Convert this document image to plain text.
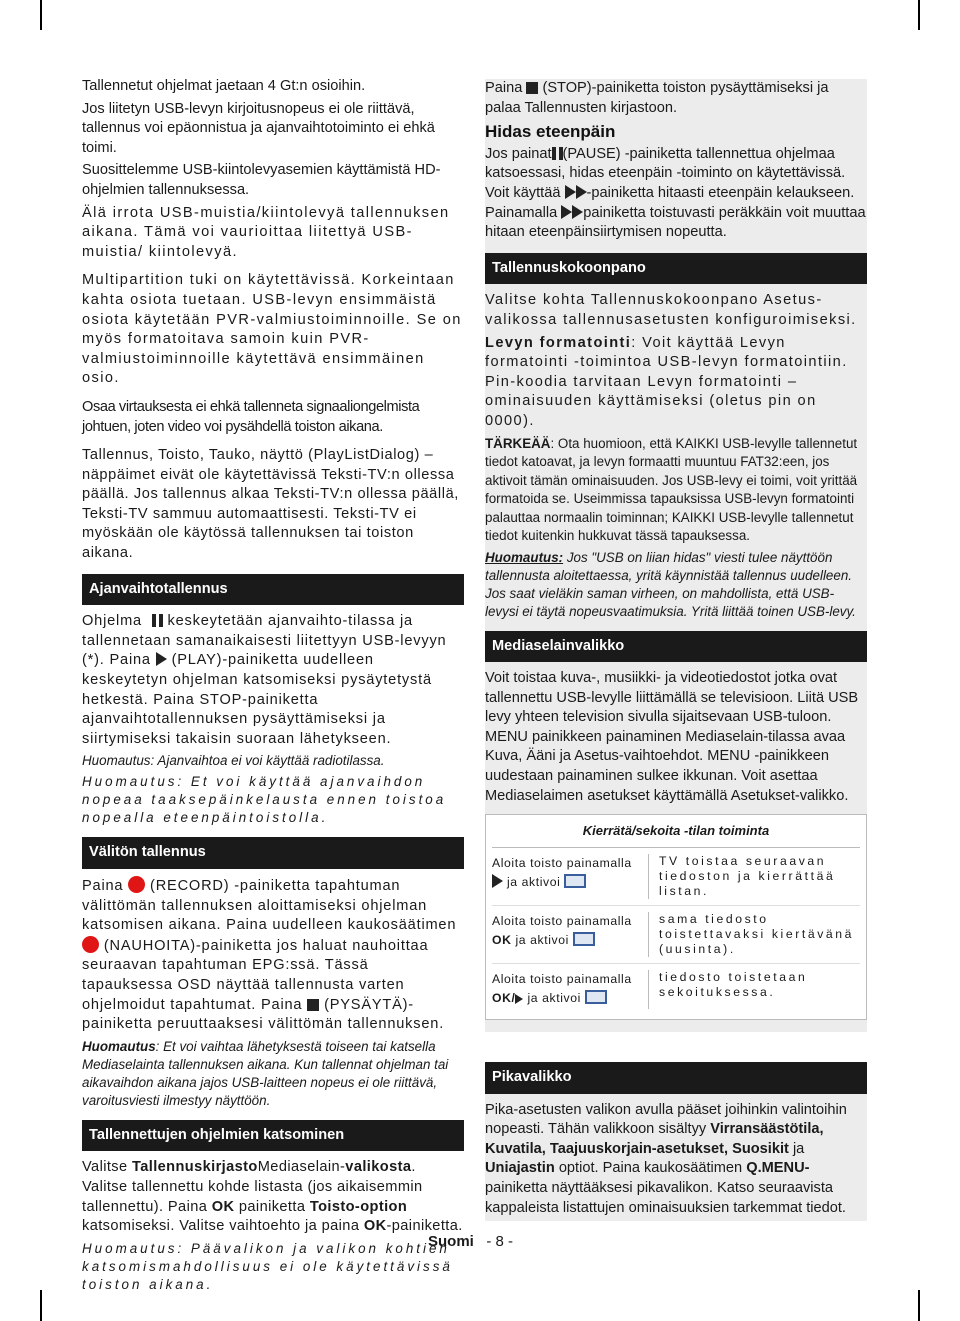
Tallennetut ohjelmat jaetaan 4 Gt:n osioihin.

Jos liitetyn USB-levyn kirjoitusnopeus ei ole riittävä, tallennus voi epäonnistua ja ajanvaihtotoiminto ei ehkä toimi.

Suosittelemme USB-kiintolevyasemien käyttämistä HD-ohjelmien tallennuksessa.

Älä irrota USB-muistia/kiintolevyä tallennuksen aikana. Tämä voi vaurioittaa liitettyä USB-muistia/ kiintolevyä.

Multipartition tuki on käytettävissä. Korkeintaan kahta osiota tuetaan. USB-levyn ensimmäistä osiota käytetään PVR-valmiustoiminnoille. Se on myös formatoitava samoin kuin PVR-valmiustoiminnoille käytettävä ensimmäinen osio.

Osaa virtauksesta ei ehkä tallenneta signaaliongelmista johtuen, joten video voi pysähdellä toiston aikana.

Tallennus, Toisto, Tauko, näyttö (PlayListDialog) –näppäimet eivät ole käytettävissä Teksti-TV:n ollessa päällä. Jos tallennus alkaa Teksti-TV:n ollessa päällä, Teksti-TV sammuu automaattisesti. Teksti-TV ei myöskään ole käytössä tallennuksen tai toiston aikana.

Ajanvaihtotallennus

Ohjelma keskeytetään ajanvaihto-tilassa ja tallennetaan samanaikaisesti liitettyyn USB-levyyn (*). Paina (PLAY)-painiketta uudelleen keskeytetyn ohjelman katsomiseksi pysäytetystä hetkestä. Paina STOP-painiketta ajanvaihtotallennuksen pysäyttämiseksi ja siirtymiseksi takaisin suoraan lähetykseen.

Huomautus: Ajanvaihtoa ei voi käyttää radiotilassa.

Huomautus: Et voi käyttää ajanvaihdon nopeaa taaksepäinkelausta ennen toistoa nopealla eteenpäintoistolla.

Välitön tallennus

Paina (RECORD) -painiketta tapahtuman välittömän tallennuksen aloittamiseksi ohjelman katsomisen aikana. Paina uudelleen kaukosäätimen  (NAUHOITA)-painiketta jos haluat nauhoittaa seuraavan tapahtuman EPG:ssä. Tässä tapauksessa OSD näyttää tallennusta varten ohjelmoidut tapahtumat. Paina (PYSÄYTÄ)-painiketta peruuttaaksesi välittömän tallennuksen.

Huomautus: Et voi vaihtaa lähetyksestä toiseen tai katsella Mediaselainta tallennuksen aikana. Kun tallennat ohjelman tai aikavaihdon aikana jajos USB-laitteen nopeus ei ole riittävä, varoitusviesti ilmestyy näyttöön.

Tallennettujen ohjelmien katsominen

Valitse TallennuskirjastoMediaselain-valikosta. Valitse tallennettu kohde listasta (jos aikaisemmin tallennettu). Paina OK painiketta Toisto-option katsomiseksi. Valitse vaihtoehto ja paina OK-painiketta.

Huomautus: Päävalikon ja valikon kohtien katsomismahdollisuus ei ole käytettävissä toiston aikana.

Paina (STOP)-painiketta toiston pysäyttämiseksi ja palaa Tallennusten kirjastoon.

Hidas eteenpäin

Jos painat (PAUSE) -painiketta tallennettua ohjelmaa katsoessasi, hidas eteenpäin -toiminto on käytettävissä. Voit käyttää -painiketta hitaasti eteenpäin kelaukseen. Painamalla painiketta toistuvasti peräkkäin voit muuttaa hitaan eteenpäinsiirtymisen nopeutta.

Tallennuskokoonpano

Valitse kohta Tallennuskokoonpano Asetus-valikossa tallennusasetusten konfiguroimiseksi.

Levyn formatointi: Voit käyttää Levyn formatointi -toimintoa USB-levyn formatointiin. Pin-koodia tarvitaan Levyn formatointi –ominaisuuden käyttämiseksi (oletus pin on 0000).

TÄRKEÄÄ: Ota huomioon, että KAIKKI USB-levylle tallennetut tiedot katoavat, ja levyn formaatti muuntuu FAT32:een, jos aktivoit tämän ominaisuuden. Jos USB-levy ei toimi, voit yrittää formatoida se. Useimmissa tapauksissa USB-levyn formatointi palauttaa normaalin toiminnan; KAIKKI USB-levylle tallennetut tiedot kuitenkin hukkuvat tässä tapauksessa.

Huomautus: Jos "USB on liian hidas" viesti tulee näyttöön tallennusta aloitettaessa, yritä käynnistää tallennus uudelleen. Jos saat vieläkin saman virheen, on mahdollista, että USB-levysi ei täytä nopeusvaatimuksia. Yritä liittää toinen USB-levy.

Mediaselainvalikko

Voit toistaa kuva-, musiikki- ja videotiedostot jotka ovat tallennettu USB-levylle liittämällä se televisioon. Liitä USB levy yhteen television sivulla sijaitsevaan USB-tuloon. MENU painikkeen painaminen Mediaselain-tilassa avaa Kuva, Ääni ja Asetus-vaihtoehdot. MENU -painikkeen uudestaan painaminen sulkee ikkunan. Voit asettaa Mediaselaimen asetukset käyttämällä Asetukset-valikko.

Kierrätä/sekoita -tilan toiminta
Aloita toisto painamalla
ja aktivoi
TV toistaa seuraavan tiedoston ja kierrättää listan.
Aloita toisto painamalla
OK ja aktivoi
sama tiedosto toistettavaksi kiertävänä (uusinta).
Aloita toisto painamalla
OK/ ja aktivoi
tiedosto toistetaan sekoituksessa.
Pikavalikko

Pika-asetusten valikon avulla pääset joihinkin valintoihin nopeasti. Tähän valikkoon sisältyy Virransäästötila, Kuvatila, Taajuuskorjain-asetukset, Suosikit ja Uniajastin optiot. Paina kaukosäätimen Q.MENU-painiketta näyttääksesi pikavalikon. Katso seuraavista kappaleista listattujen ominaisuuksien tarkemmat tiedot.

Suomi - 8 -
